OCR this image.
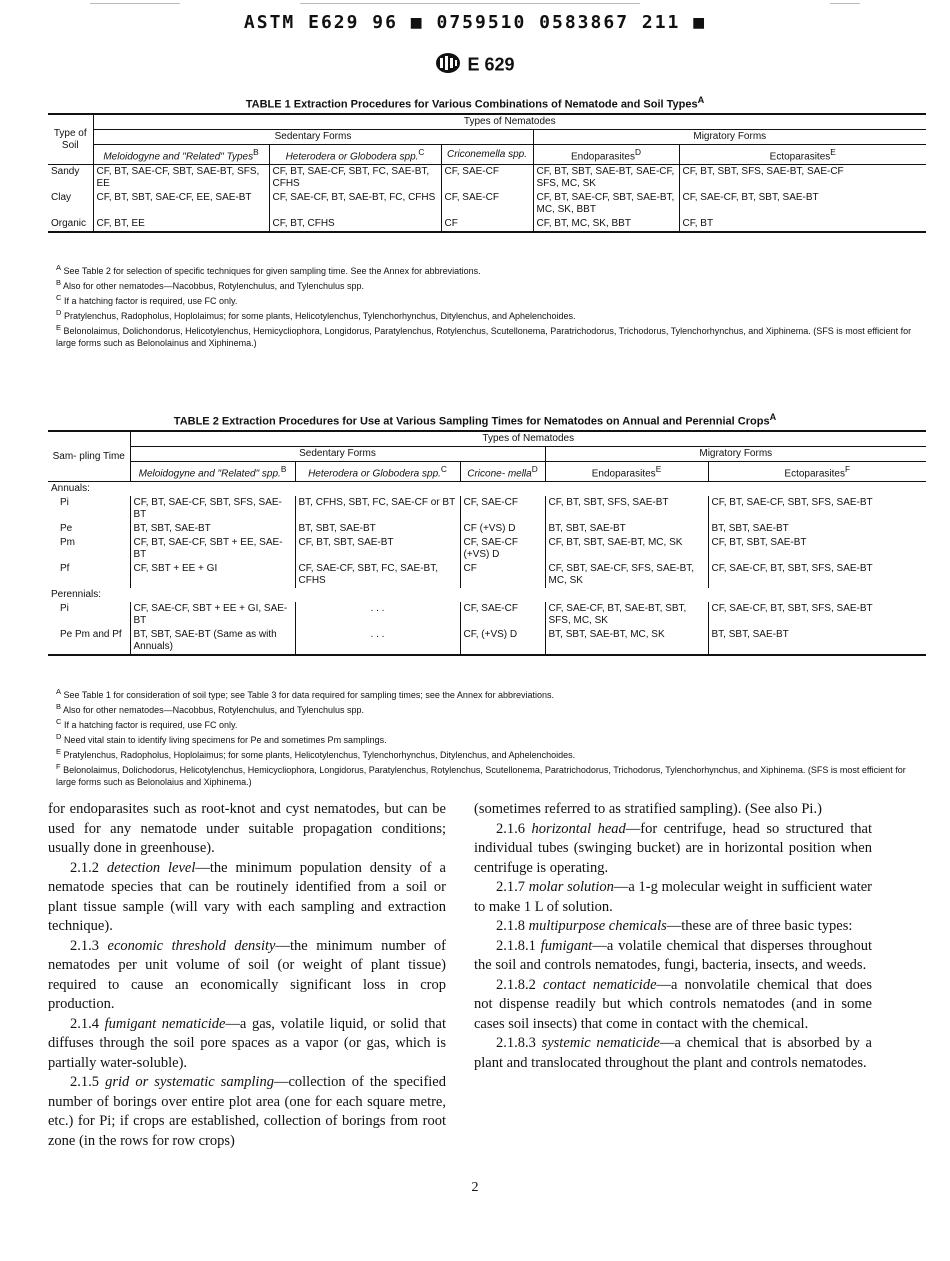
ASTM E629 96 ■ 0759510 0583867 211 ■
E 629
TABLE 1 Extraction Procedures for Various Combinations of Nematode and Soil Types$^A$
Type of Soil	Types of Nematodes				
	Sedentary Forms			Migratory Forms	
	Meloidogyne and "Related" Types$^B$	Heterodera or Globodera spp.$^C$	Criconemella spp.	Endoparasites$^D$	Ectoparasites$^E$
Sandy	CF, BT, SAE-CF, SBT, SAE-BT, SFS, EE	CF, BT, SAE-CF, SBT, FC, SAE-BT, CFHS	CF, SAE-CF	CF, BT, SBT, SAE-BT, SAE-CF, SFS, MC, SK	CF, BT, SBT, SFS, SAE-BT, SAE-CF
Clay	CF, BT, SBT, SAE-CF, EE, SAE-BT	CF, SAE-CF, BT, SAE-BT, FC, CFHS	CF, SAE-CF	CF, BT, SAE-CF, SBT, SAE-BT, MC, SK, BBT	CF, SAE-CF, BT, SBT, SAE-BT
Organic	CF, BT, EE	CF, BT, CFHS	CF	CF, BT, MC, SK, BBT	CF, BT
$^A$ See Table 2 for selection of specific techniques for given sampling time. See the Annex for abbreviations.
$^B$ Also for other nematodes—Nacobbus, Rotylenchulus, and Tylenchulus spp.
$^C$ If a hatching factor is required, use FC only.
$^D$ Pratylenchus, Radopholus, Hoplolaimus; for some plants, Helicotylenchus, Tylenchorhynchus, Ditylenchus, and Aphelenchoides.
$^E$ Belonolaimus, Dolichondorus, Helicotylenchus, Hemicycliophora, Longidorus, Paratylenchus, Rotylenchus, Scutellonema, Paratrichodorus, Trichodorus, Tylenchorhynchus, and Xiphinema. (SFS is most efficient for large forms such as Belonolainus and Xiphinema.)
TABLE 2 Extraction Procedures for Use at Various Sampling Times for Nematodes on Annual and Perennial Crops$^A$
Sam- pling Time	Types of Nematodes				
	Sedentary Forms			Migratory Forms	
	Meloidogyne and "Related" spp.$^B$	Heterodera or Globodera spp.$^C$	Cricone- mella$^D$	Endoparasites$^E$	Ectoparasites$^F$
Annuals:					
Pi	CF, BT, SAE-CF, SBT, SFS, SAE-BT	BT, CFHS, SBT, FC, SAE-CF or BT	CF, SAE-CF	CF, BT, SBT, SFS, SAE-BT	CF, BT, SAE-CF, SBT, SFS, SAE-BT
Pe	BT, SBT, SAE-BT	BT, SBT, SAE-BT	CF (+VS) D	BT, SBT, SAE-BT	BT, SBT, SAE-BT
Pm	CF, BT, SAE-CF, SBT + EE, SAE-BT	CF, BT, SBT, SAE-BT	CF, SAE-CF (+VS) D	CF, BT, SBT, SAE-BT, MC, SK	CF, BT, SBT, SAE-BT
Pf	CF, SBT + EE + GI	CF, SAE-CF, SBT, FC, SAE-BT, CFHS	CF	CF, SBT, SAE-CF, SFS, SAE-BT, MC, SK	CF, SAE-CF, BT, SBT, SFS, SAE-BT
Perennials:					
Pi	CF, SAE-CF, SBT + EE + GI, SAE-BT	. . .	CF, SAE-CF	CF, SAE-CF, BT, SAE-BT, SBT, SFS, MC, SK	CF, SAE-CF, BT, SBT, SFS, SAE-BT
Pe Pm and Pf	BT, SBT, SAE-BT (Same as with Annuals)	. . .	CF, (+VS) D	BT, SBT, SAE-BT, MC, SK	BT, SBT, SAE-BT
$^A$ See Table 1 for consideration of soil type; see Table 3 for data required for sampling times; see the Annex for abbreviations.
$^B$ Also for other nematodes—Nacobbus, Rotylenchulus, and Tylenchulus spp.
$^C$ If a hatching factor is required, use FC only.
$^D$ Need vital stain to identify living specimens for Pe and sometimes Pm samplings.
$^E$ Pratylenchus, Radopholus, Hoplolaimus; for some plants, Helicotylenchus, Tylenchorhynchus, Ditylenchus, and Aphelenchoides.
$^F$ Belonolaimus, Dolichodorus, Helicotylenchus, Hemicycliophora, Longidorus, Paratylenchus, Rotylenchus, Scutellonema, Paratrichodorus, Trichodorus, Tylenchorhynchus, and Xiphinema. (SFS is most efficient for large forms such as Belonolaius and Xiphinema.)

for endoparasites such as root-knot and cyst nematodes, but can be used for any nematode under suitable propagation conditions; usually done in greenhouse).

2.1.2 detection level—the minimum population density of a nematode species that can be routinely identified from a soil or plant tissue sample (will vary with each sampling and extraction technique).

2.1.3 economic threshold density—the minimum number of nematodes per unit volume of soil (or weight of plant tissue) required to cause an economically significant loss in crop production.

2.1.4 fumigant nematicide—a gas, volatile liquid, or solid that diffuses through the soil pore spaces as a vapor (or gas, which is partially water-soluble).

2.1.5 grid or systematic sampling—collection of the specified number of borings over entire plot area (one for each square metre, etc.) for Pi; if crops are established, collection of borings from root zone (in the rows for row crops)

(sometimes referred to as stratified sampling). (See also Pi.)

2.1.6 horizontal head—for centrifuge, head so structured that individual tubes (swinging bucket) are in horizontal position when centrifuge is operating.

2.1.7 molar solution—a 1-g molecular weight in sufficient water to make 1 L of solution.

2.1.8 multipurpose chemicals—these are of three basic types:

2.1.8.1 fumigant—a volatile chemical that disperses throughout the soil and controls nematodes, fungi, bacteria, insects, and weeds.

2.1.8.2 contact nematicide—a nonvolatile chemical that does not dispense readily but which controls nematodes (and in some cases soil insects) that come in contact with the chemical.

2.1.8.3 systemic nematicide—a chemical that is absorbed by a plant and translocated throughout the plant and controls nematodes.

2
